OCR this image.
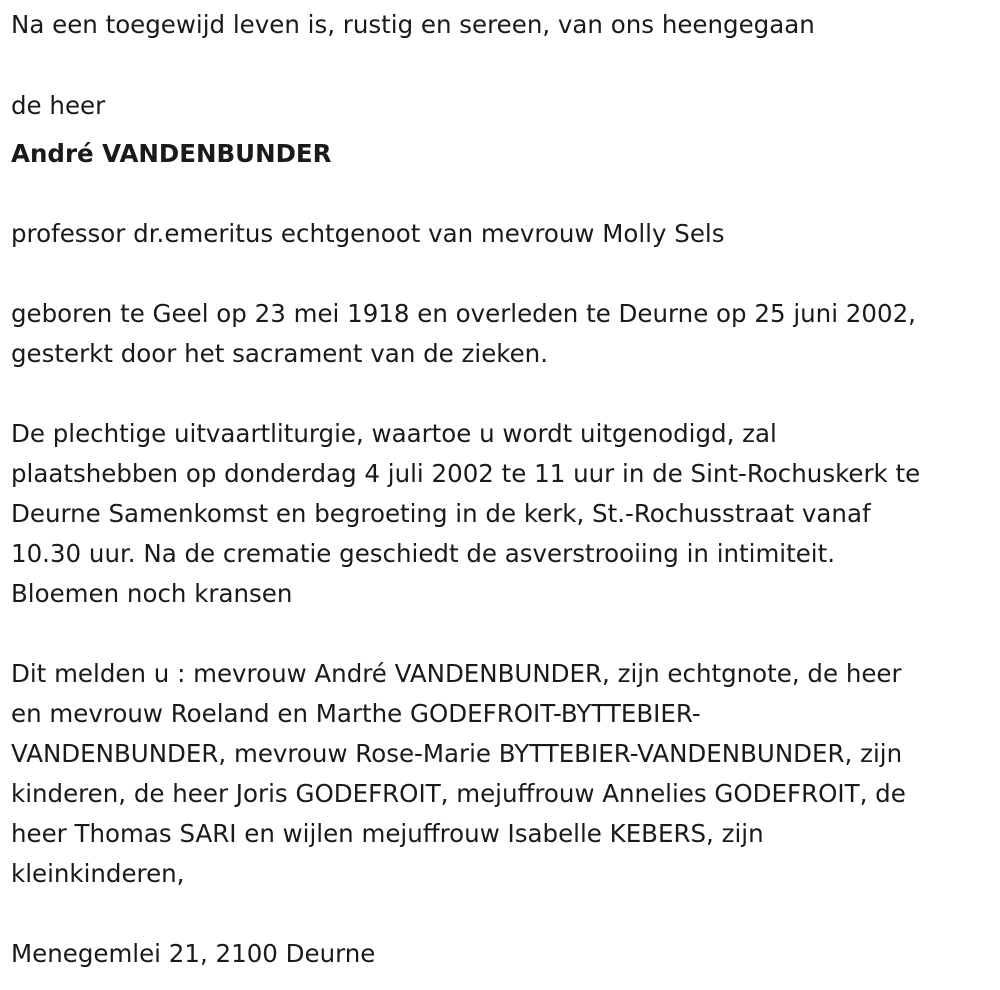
Na een toegewijd leven is, rustig en sereen, van ons heengegaan

de heer

André VANDENBUNDER

professor dr.emeritus echtgenoot van mevrouw Molly Sels

geboren te Geel op 23 mei 1918 en overleden te Deurne op 25 juni 2002,

gesterkt door het sacrament van de zieken.

De plechtige uitvaartliturgie, waartoe u wordt uitgenodigd, zal

plaatshebben op donderdag 4 juli 2002 te 11 uur in de Sint-Rochuskerk te

Deurne Samenkomst en begroeting in de kerk, St.-Rochusstraat vanaf

10.30 uur. Na de crematie geschiedt de asverstrooiing in intimiteit.

Bloemen noch kransen

Dit melden u : mevrouw André VANDENBUNDER, zijn echtgnote, de heer

en mevrouw Roeland en Marthe GODEFROIT-BYTTEBIER-

VANDENBUNDER, mevrouw Rose-Marie BYTTEBIER-VANDENBUNDER, zijn

kinderen, de heer Joris GODEFROIT, mejuffrouw Annelies GODEFROIT, de

heer Thomas SARI en wijlen mejuffrouw Isabelle KEBERS, zijn

kleinkinderen,

Menegemlei 21, 2100 Deurne
